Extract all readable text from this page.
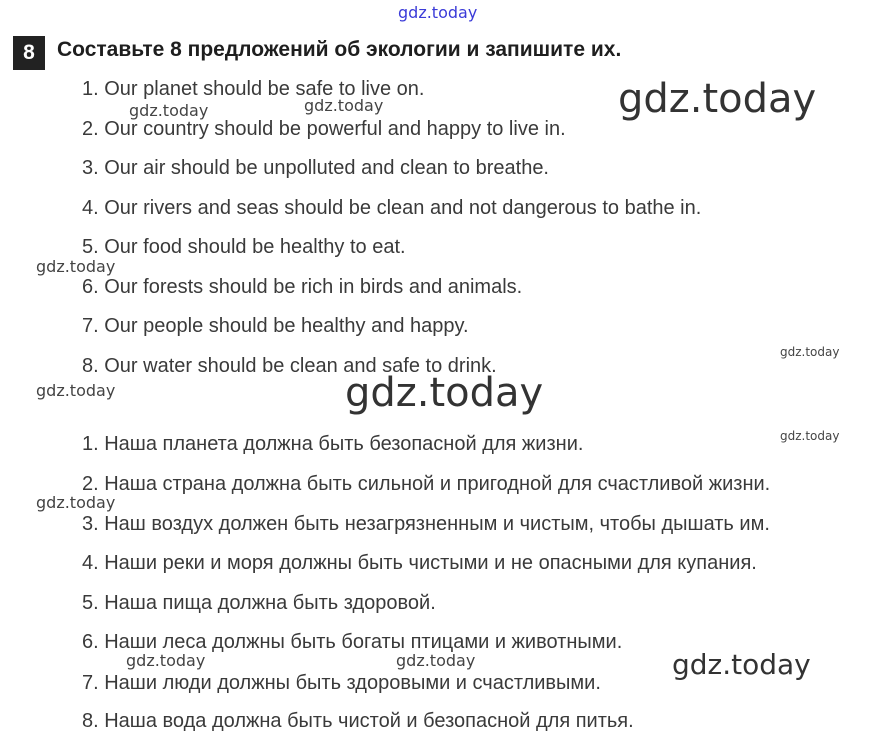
gdz.today
8	Составьте 8 предложений об экологии и запишите их.
1. Our planet should be safe to live on.
2. Our country should be powerful and happy to live in.
3. Our air should be unpolluted and clean to breathe.
4. Our rivers and seas should be clean and not dangerous to bathe in.
5. Our food should be healthy to eat.
6. Our forests should be rich in birds and animals.
7. Our people should be healthy and happy.
8. Our water should be clean and safe to drink.
1. Наша планета должна быть безопасной для жизни.
2. Наша страна должна быть сильной и пригодной для счастливой жизни.
3. Наш воздух должен быть незагрязненным и чистым, чтобы дышать им.
4. Наши реки и моря должны быть чистыми и не опасными для купания.
5. Наша пища должна быть здоровой.
6. Наши леса должны быть богаты птицами и животными.
7. Наши люди должны быть здоровыми и счастливыми.
8. Наша вода должна быть чистой и безопасной для питья.
gdz.today	gdz.today	gdz.today
gdz.today
gdz.today
gdz.today	gdz.today
gdz.today
gdz.today
gdz.today	gdz.today	gdz.today
